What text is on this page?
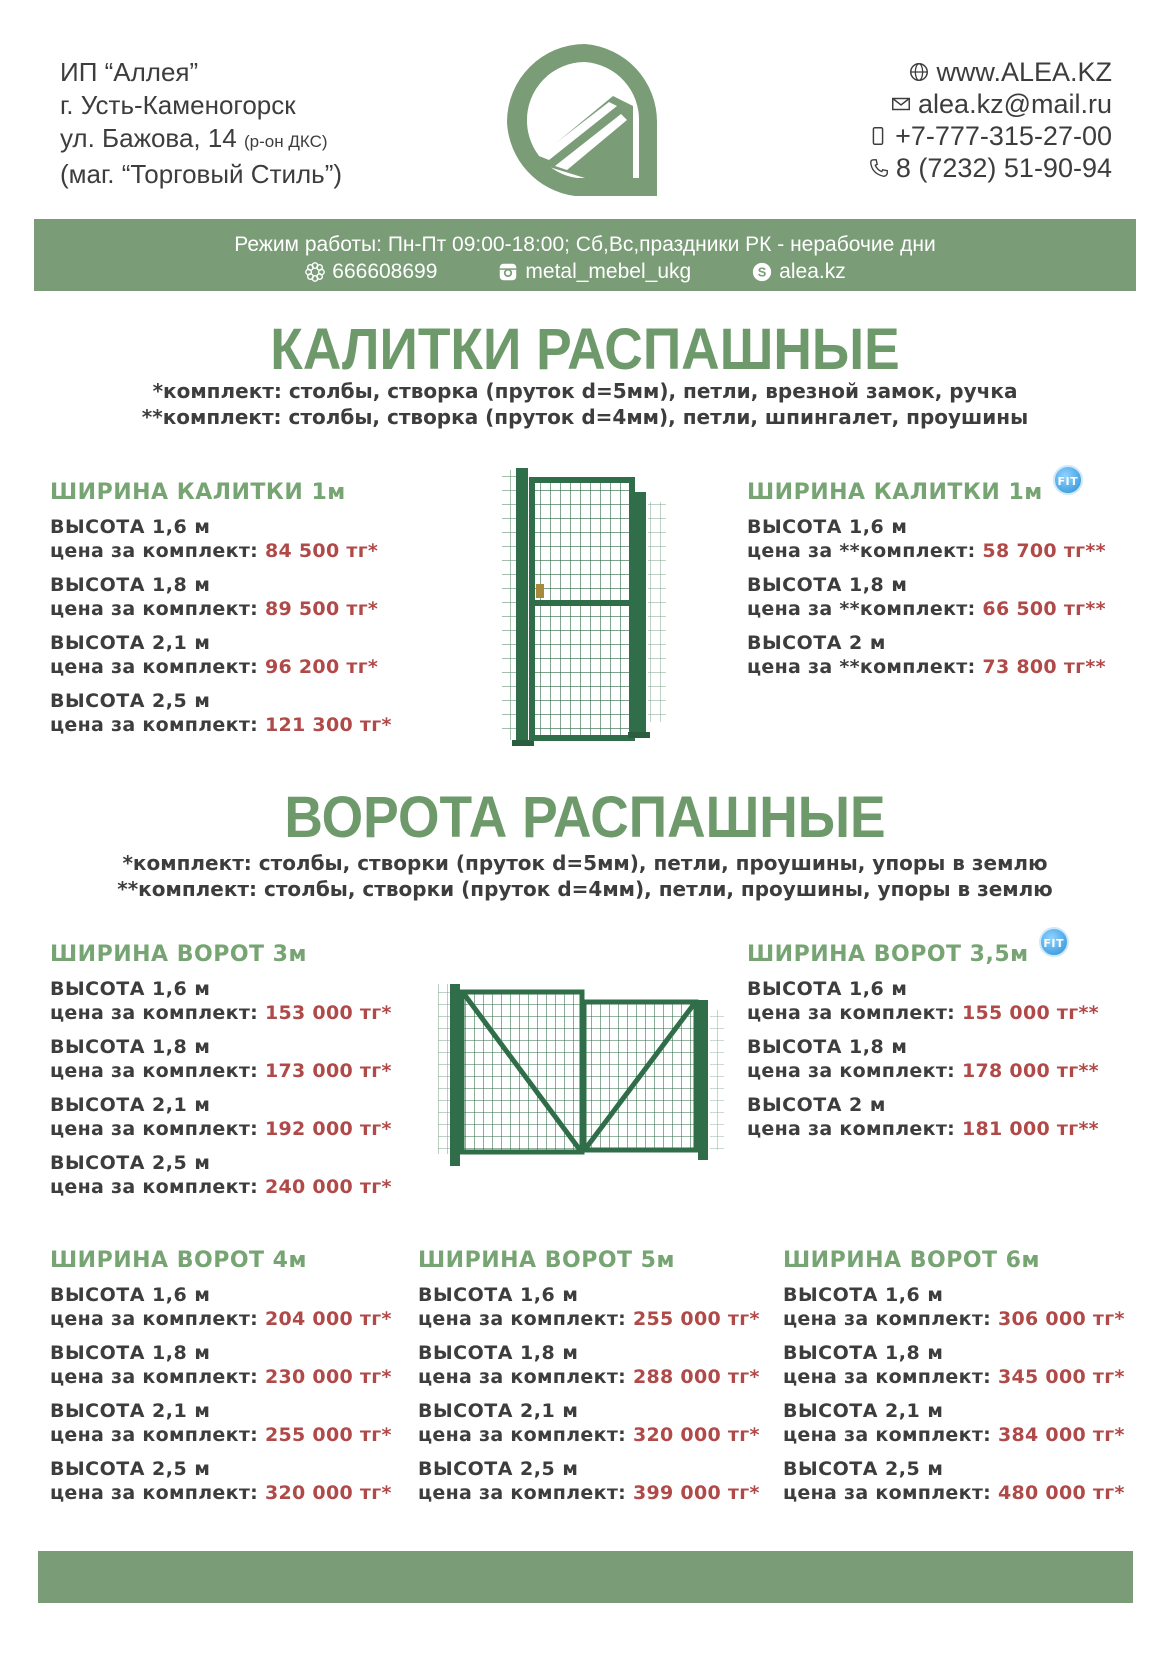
ИП “Аллея”
г. Усть-Каменогорск
ул. Бажова, 14 (р-он ДКС)
(маг. “Торговый Стиль”)
www.ALEA.KZ
alea.kz@mail.ru
+7-777-315-27-00
8 (7232) 51-90-94
Режим работы: Пн-Пт 09:00-18:00; Сб,Вс,праздники РК - нерабочие дни
666608699	metal_mebel_ukg	S alea.kz
КАЛИТКИ РАСПАШНЫЕ
*комплект: столбы, створка (пруток d=5мм), петли, врезной замок, ручка
**комплект: столбы, створка (пруток d=4мм), петли, шпингалет, проушины
ШИРИНА КАЛИТКИ 1м
ВЫСОТА 1,6 м
цена за комплект: 84 500 тг*
ВЫСОТА 1,8 м
цена за комплект: 89 500 тг*
ВЫСОТА 2,1 м
цена за комплект: 96 200 тг*
ВЫСОТА 2,5 м
цена за комплект: 121 300 тг*
ШИРИНА КАЛИТКИ 1м	FIT
ВЫСОТА 1,6 м
цена за **комплект: 58 700 тг**
ВЫСОТА 1,8 м
цена за **комплект: 66 500 тг**
ВЫСОТА 2 м
цена за **комплект: 73 800 тг**
ВОРОТА РАСПАШНЫЕ
*комплект: столбы, створки (пруток d=5мм), петли, проушины, упоры в землю
**комплект: столбы, створки (пруток d=4мм), петли, проушины, упоры в землю
ШИРИНА ВОРОТ 3м
ВЫСОТА 1,6 м
цена за комплект: 153 000 тг*
ВЫСОТА 1,8 м
цена за комплект: 173 000 тг*
ВЫСОТА 2,1 м
цена за комплект: 192 000 тг*
ВЫСОТА 2,5 м
цена за комплект: 240 000 тг*
ШИРИНА ВОРОТ 3,5м	FIT
ВЫСОТА 1,6 м
цена за комплект: 155 000 тг**
ВЫСОТА 1,8 м
цена за комплект: 178 000 тг**
ВЫСОТА 2 м
цена за комплект: 181 000 тг**
ШИРИНА ВОРОТ 4м
ВЫСОТА 1,6 м
цена за комплект: 204 000 тг*
ВЫСОТА 1,8 м
цена за комплект: 230 000 тг*
ВЫСОТА 2,1 м
цена за комплект: 255 000 тг*
ВЫСОТА 2,5 м
цена за комплект: 320 000 тг*
ШИРИНА ВОРОТ 5м
ВЫСОТА 1,6 м
цена за комплект: 255 000 тг*
ВЫСОТА 1,8 м
цена за комплект: 288 000 тг*
ВЫСОТА 2,1 м
цена за комплект: 320 000 тг*
ВЫСОТА 2,5 м
цена за комплект: 399 000 тг*
ШИРИНА ВОРОТ 6м
ВЫСОТА 1,6 м
цена за комплект: 306 000 тг*
ВЫСОТА 1,8 м
цена за комплект: 345 000 тг*
ВЫСОТА 2,1 м
цена за комплект: 384 000 тг*
ВЫСОТА 2,5 м
цена за комплект: 480 000 тг*
